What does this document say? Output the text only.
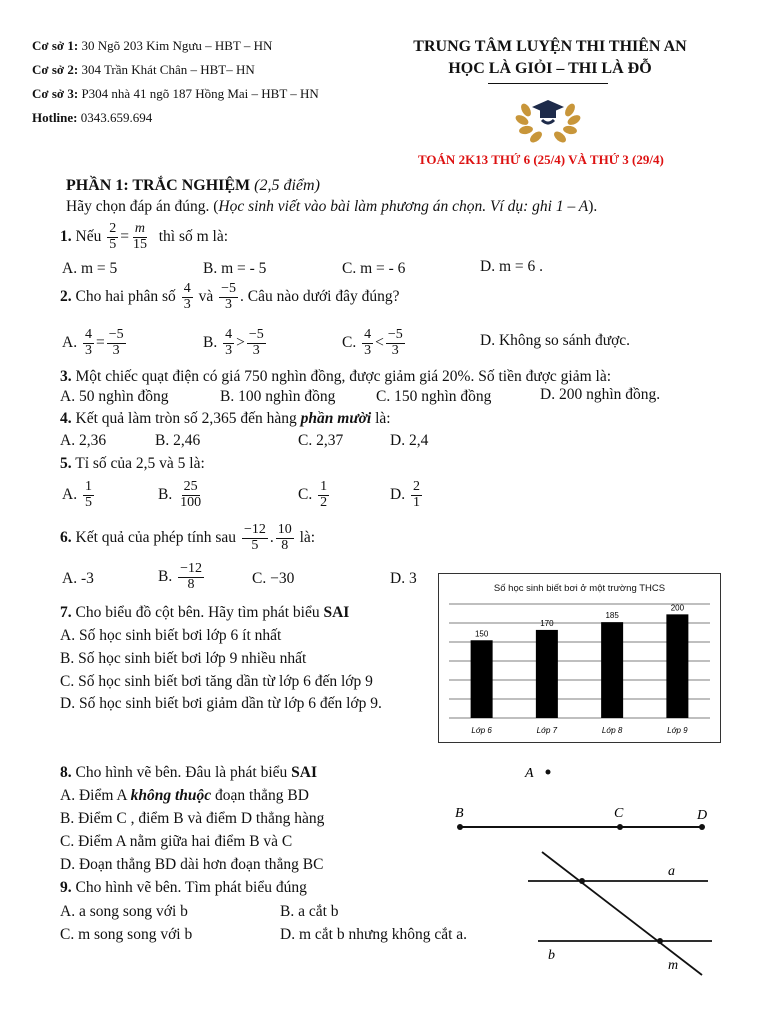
Cơ sở 1: 30 Ngõ 203 Kim Ngưu – HBT – HN
Cơ sở 2: 304 Trần Khát Chân – HBT– HN
Cơ sở 3: P304 nhà 41 ngõ 187 Hồng Mai – HBT – HN
Hotline: 0343.659.694
TRUNG TÂM LUYỆN THI THIÊN AN
HỌC LÀ GIỎI – THI LÀ ĐỖ
TOÁN 2K13 THỨ 6 (25/4) VÀ THỨ 3 (29/4)
PHẦN 1: TRẮC NGHIỆM (2,5 điểm)
Hãy chọn đáp án đúng. (Học sinh viết vào bài làm phương án chọn. Ví dụ: ghi 1 – A).
1. Nếu $\frac{2}{5} = \frac{m}{15}$ thì số m là:
A. m = 5	B. m = - 5	C. m = - 6	D. m = 6 .
2. Cho hai phân số $\frac{4}{3}$ và $\frac{-5}{3}$ . Câu nào dưới đây đúng?
A. $\frac{4}{3} = \frac{-5}{3}$	B. $\frac{4}{3} > \frac{-5}{3}$	C. $\frac{4}{3} < \frac{-5}{3}$	D. Không so sánh được.
3. Một chiếc quạt điện có giá 750 nghìn đồng, được giảm giá 20%. Số tiền được giảm là:
A. 50 nghìn đồng	B. 100 nghìn đồng	C. 150 nghìn đồng	D. 200 nghìn đồng.
4. Kết quả làm tròn số 2,365 đến hàng phần mười là:
A. 2,36	B. 2,46	C. 2,37	D. 2,4
5. Tỉ số của 2,5 và 5 là:
A. $\frac{1}{5}$	B. $\frac{25}{100}$	C. $\frac{1}{2}$	D. $\frac{2}{1}$
6. Kết quả của phép tính sau $\frac{-12}{5}$ . $\frac{10}{8}$ là:
A. -3	B. $\frac{-12}{8}$	C. −30	D. 3
7. Cho biểu đồ cột bên. Hãy tìm phát biểu SAI
A. Số học sinh biết bơi lớp 6 ít nhất
B. Số học sinh biết bơi lớp 9 nhiều nhất
C. Số học sinh biết bơi tăng dần từ lớp 6 đến lớp 9
D. Số học sinh biết bơi giảm dần từ lớp 6 đến lớp 9.
Số học sinh biết bơi ở một trường THCS
150
Lớp 6
170
Lớp 7
185
Lớp 8
200
Lớp 9
8. Cho hình vẽ bên. Đâu là phát biểu SAI
A. Điểm A không thuộc đoạn thẳng BD
B. Điểm C , điểm B và điểm D thẳng hàng
C. Điểm A nằm giữa hai điểm B và C
D. Đoạn thẳng BD dài hơn đoạn thẳng BC
9. Cho hình vẽ bên. Tìm phát biểu đúng
A. a song song với b	B. a cắt b
C. m song song với b	D. m cắt b nhưng không cắt a.
A
B	C	D
a
b
m
